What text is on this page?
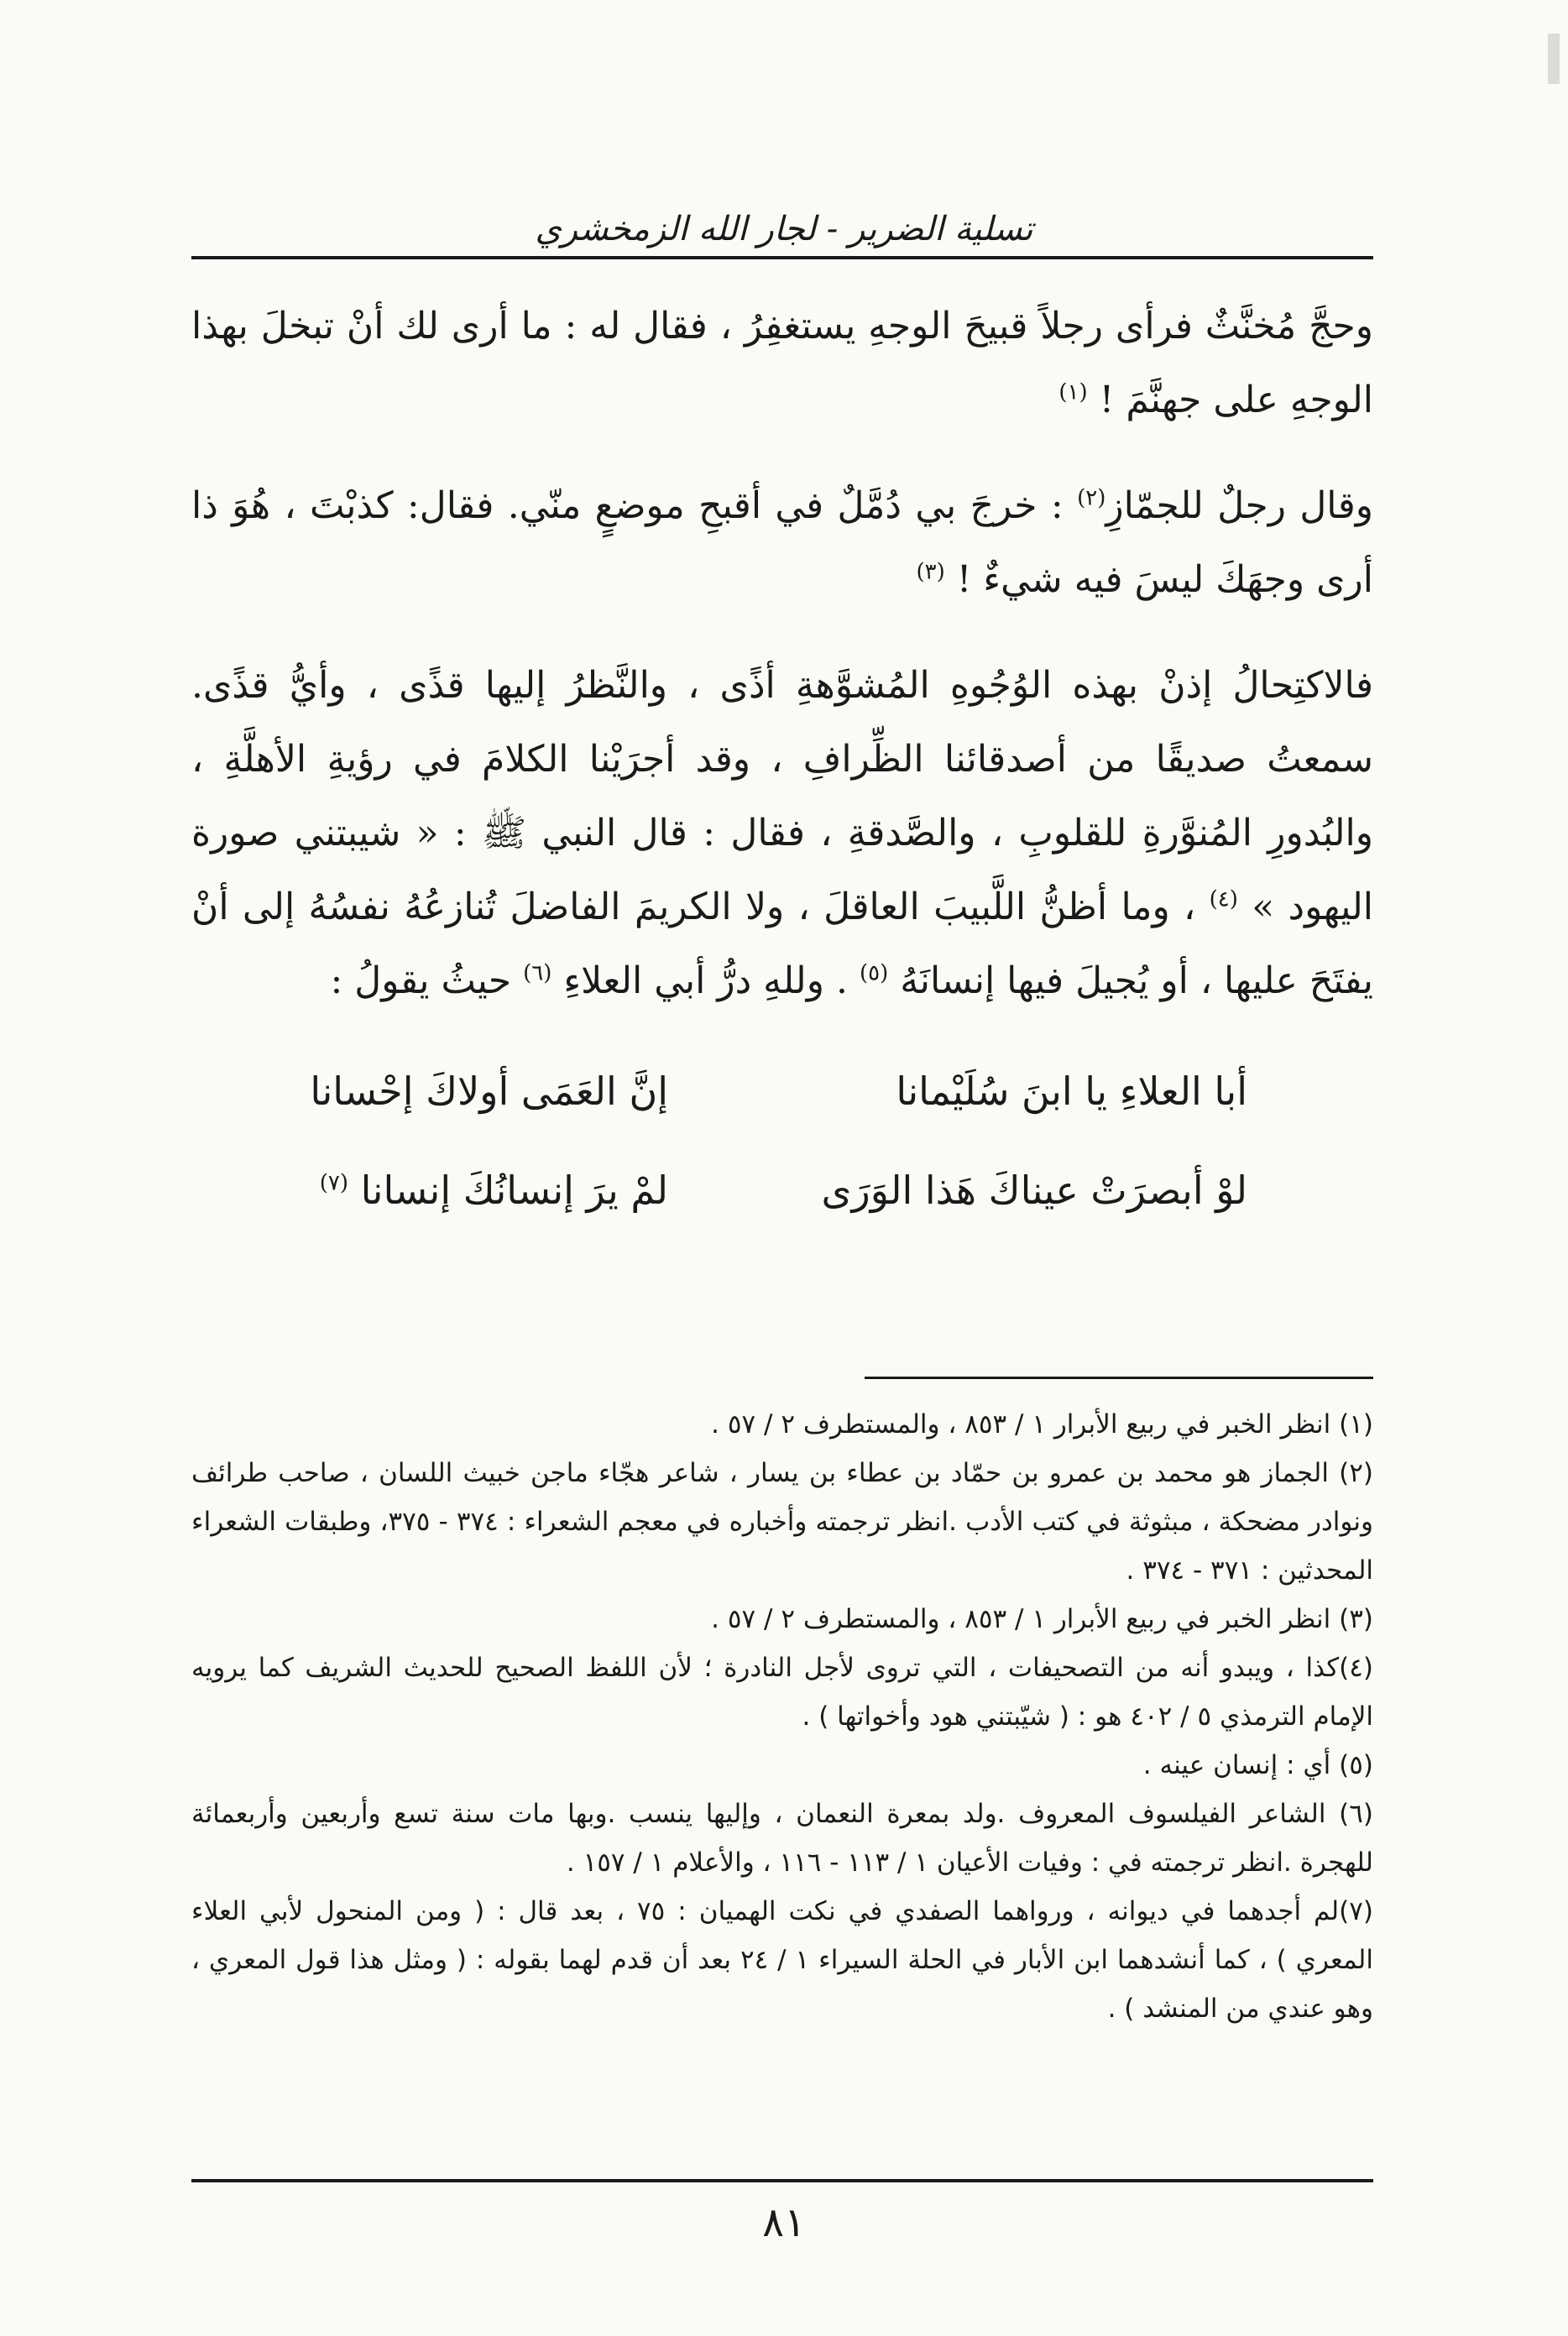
تسلية الضرير - لجار الله الزمخشري

وحجَّ مُخنَّثٌ فرأى رجلاً قبيحَ الوجهِ يستغفِرُ ، فقال له : ما أرى لك أنْ تبخلَ بهذا الوجهِ على جهنَّمَ ! $^{(١)}$

وقال رجلٌ للجمّازِ$^{(٢)}$ : خرجَ بي دُمَّلٌ في أقبحِ موضعٍ منّي. فقال: كذبْتَ ، هُوَ ذا أرى وجهَكَ ليسَ فيه شيءٌ ! $^{(٣)}$

فالاكتِحالُ إذنْ بهذه الوُجُوهِ المُشوَّهةِ أذًى ، والنَّظرُ إليها قذًى ، وأيُّ قذًى. سمعتُ صديقًا من أصدقائنا الظِّرافِ ، وقد أجرَيْنا الكلامَ في رؤيةِ الأهلَّةِ ، والبُدورِ المُنوَّرةِ للقلوبِ ، والصَّدقةِ ، فقال : قال النبي ﷺ : « شيبتني صورة اليهود » $^{(٤)}$ ، وما أظنُّ اللَّبيبَ العاقلَ ، ولا الكريمَ الفاضلَ تُنازعُهُ نفسُهُ إلى أنْ يفتَحَ عليها ، أو يُجيلَ فيها إنسانَهُ $^{(٥)}$ . وللهِ درُّ أبي العلاءِ $^{(٦)}$ حيثُ يقولُ :

أبا العلاءِ يا ابنَ سُلَيْمانا
إنَّ العَمَى أولاكَ إحْسانا
لوْ أبصرَتْ عيناكَ هَذا الوَرَى
لمْ يرَ إنسانُكَ إنسانا $^{(٧)}$

(١) انظر الخبر في ربيع الأبرار ١ / ٨٥٣ ، والمستطرف ٢ / ٥٧ .

(٢) الجماز هو محمد بن عمرو بن حمّاد بن عطاء بن يسار ، شاعر هجّاء ماجن خبيث اللسان ، صاحب طرائف ونوادر مضحكة ، مبثوثة في كتب الأدب .انظر ترجمته وأخباره في معجم الشعراء : ٣٧٤ - ٣٧٥، وطبقات الشعراء المحدثين : ٣٧١ - ٣٧٤ .

(٣) انظر الخبر في ربيع الأبرار ١ / ٨٥٣ ، والمستطرف ٢ / ٥٧ .

(٤)كذا ، ويبدو أنه من التصحيفات ، التي تروى لأجل النادرة ؛ لأن اللفظ الصحيح للحديث الشريف كما يرويه الإمام الترمذي ٥ / ٤٠٢ هو : ( شيّبتني هود وأخواتها ) .

(٥) أي : إنسان عينه .

(٦) الشاعر الفيلسوف المعروف .ولد بمعرة النعمان ، وإليها ينسب .وبها مات سنة تسع وأربعين وأربعمائة للهجرة .انظر ترجمته في : وفيات الأعيان ١ / ١١٣ - ١١٦ ، والأعلام ١ / ١٥٧ .

(٧)لم أجدهما في ديوانه ، ورواهما الصفدي في نكت الهميان : ٧٥ ، بعد قال : ( ومن المنحول لأبي العلاء المعري ) ، كما أنشدهما ابن الأبار في الحلة السيراء ١ / ٢٤ بعد أن قدم لهما بقوله : ( ومثل هذا قول المعري ، وهو عندي من المنشد ) .

٨١
